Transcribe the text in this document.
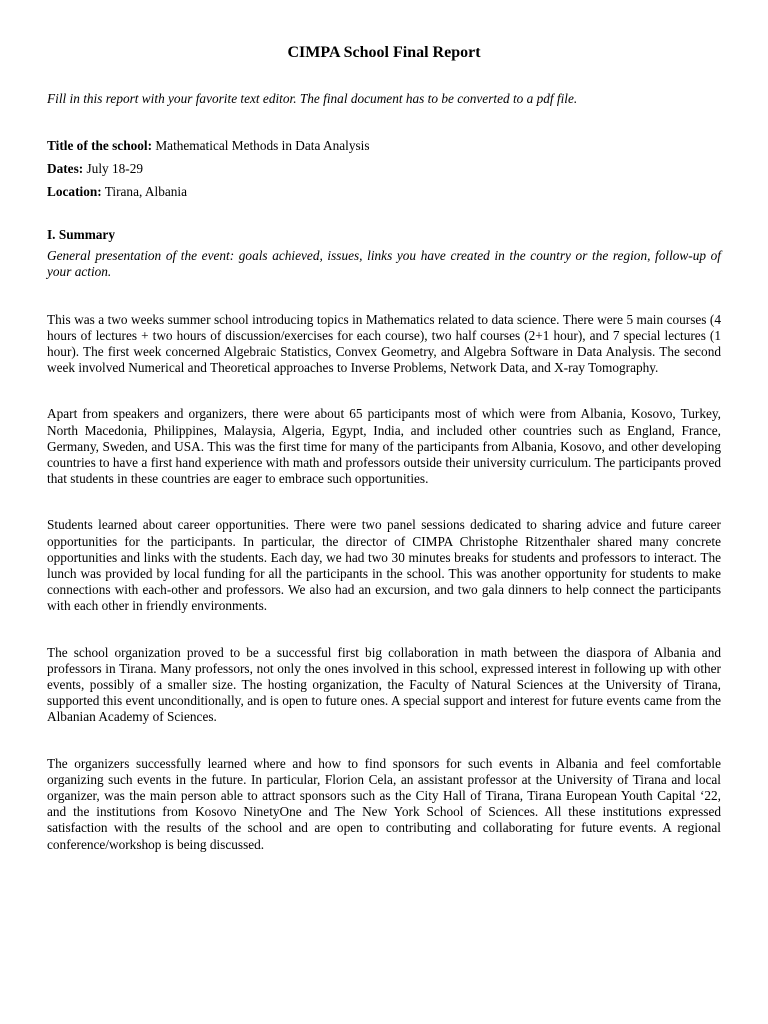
CIMPA School Final Report

Fill in this report with your favorite text editor. The final document has to be converted to a pdf file.

Title of the school: Mathematical Methods in Data Analysis

Dates: July 18-29

Location: Tirana, Albania

I. Summary

General presentation of the event: goals achieved, issues, links you have created in the country or the region, follow-up of your action.

This was a two weeks summer school introducing topics in Mathematics related to data science. There were 5 main courses (4 hours of lectures + two hours of discussion/exercises for each course), two half courses (2+1 hour), and 7 special lectures (1 hour). The first week concerned Algebraic Statistics, Convex Geometry, and Algebra Software in Data Analysis. The second week involved Numerical and Theoretical approaches to Inverse Problems, Network Data, and X-ray Tomography.

Apart from speakers and organizers, there were about 65 participants most of which were from Albania, Kosovo, Turkey, North Macedonia, Philippines, Malaysia, Algeria, Egypt, India, and included other countries such as England, France, Germany, Sweden, and USA. This was the first time for many of the participants from Albania, Kosovo, and other developing countries to have a first hand experience with math and professors outside their university curriculum. The participants proved that students in these countries are eager to embrace such opportunities.

Students learned about career opportunities. There were two panel sessions dedicated to sharing advice and future career opportunities for the participants. In particular, the director of CIMPA Christophe Ritzenthaler shared many concrete opportunities and links with the students. Each day, we had two 30 minutes breaks for students and professors to interact. The lunch was provided by local funding for all the participants in the school. This was another opportunity for students to make connections with each-other and professors. We also had an excursion, and two gala dinners to help connect the participants with each other in friendly environments.

The school organization proved to be a successful first big collaboration in math between the diaspora of Albania and professors in Tirana. Many professors, not only the ones involved in this school, expressed interest in following up with other events, possibly of a smaller size. The hosting organization, the Faculty of Natural Sciences at the University of Tirana, supported this event unconditionally, and is open to future ones. A special support and interest for future events came from the Albanian Academy of Sciences.

The organizers successfully learned where and how to find sponsors for such events in Albania and feel comfortable organizing such events in the future. In particular, Florion Cela, an assistant professor at the University of Tirana and local organizer, was the main person able to attract sponsors such as the City Hall of Tirana, Tirana European Youth Capital ‘22, and the institutions from Kosovo NinetyOne and The New York School of Sciences. All these institutions expressed satisfaction with the results of the school and are open to contributing and collaborating for future events. A regional conference/workshop is being discussed.
